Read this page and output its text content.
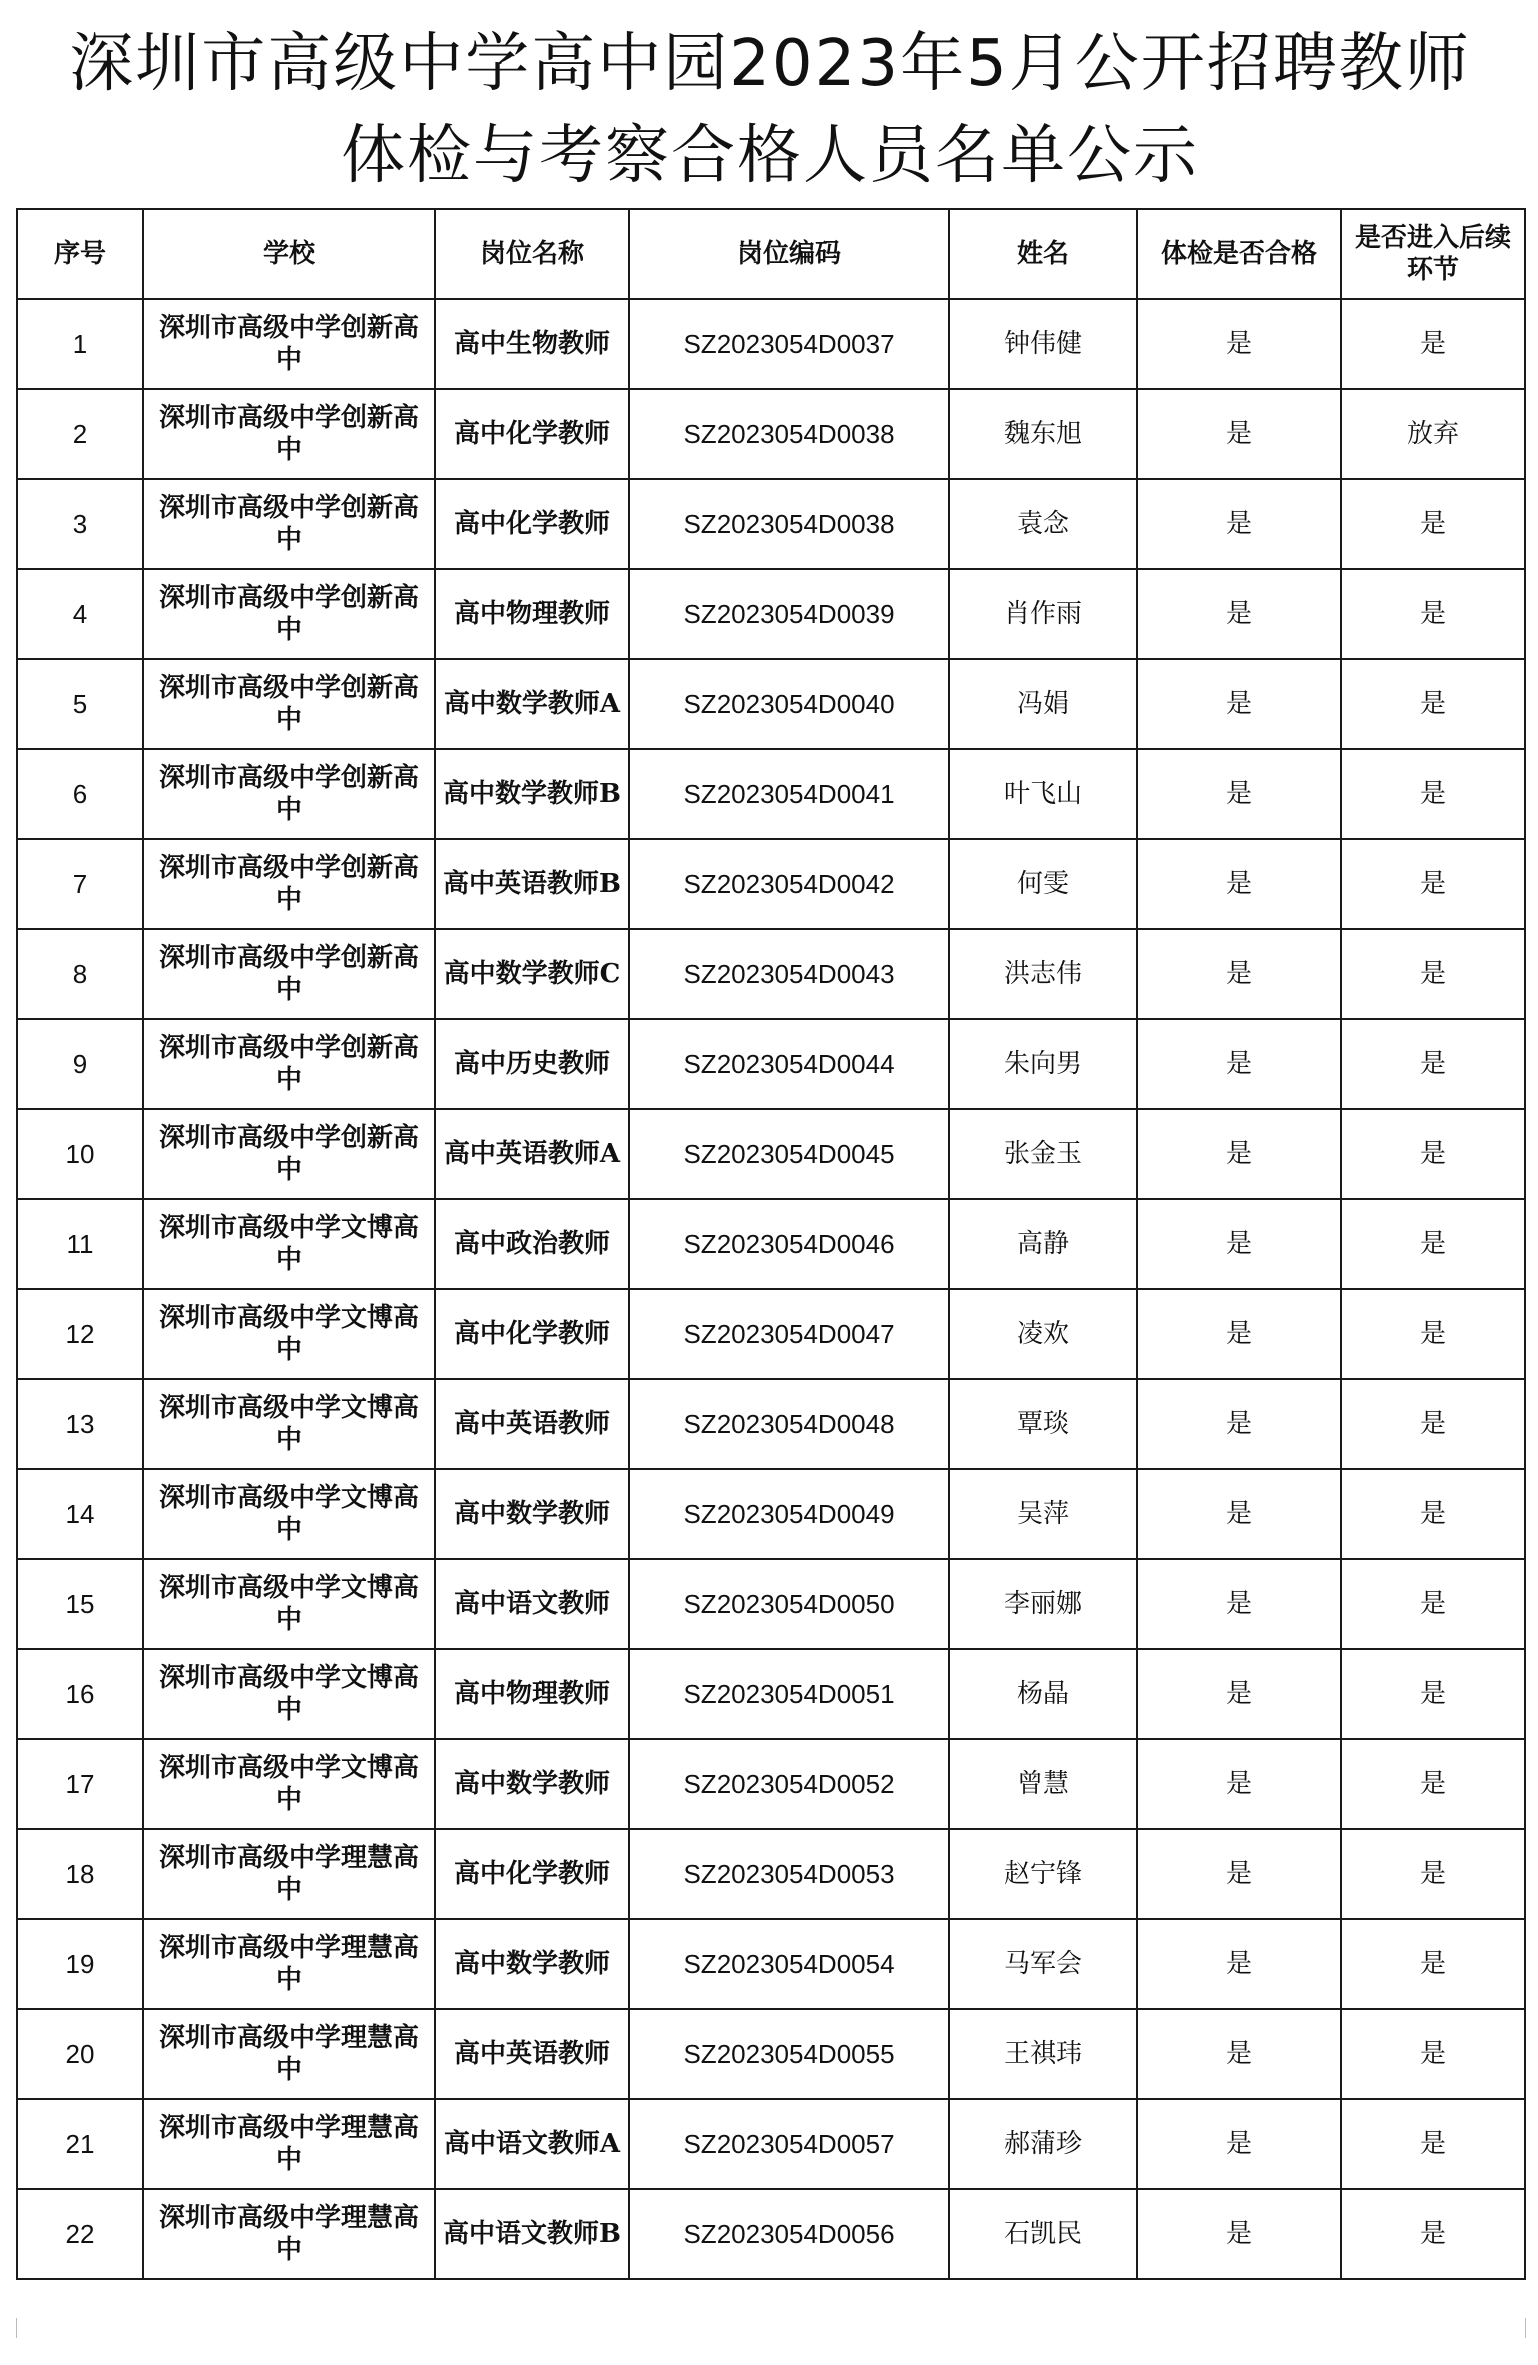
深圳市高级中学高中园2023年5月公开招聘教师
体检与考察合格人员名单公示
序号	学校	岗位名称	岗位编码	姓名	体检是否合格	是否进入后续环节
1	深圳市高级中学创新高中	高中生物教师	SZ2023054D0037	钟伟健	是	是
2	深圳市高级中学创新高中	高中化学教师	SZ2023054D0038	魏东旭	是	放弃
3	深圳市高级中学创新高中	高中化学教师	SZ2023054D0038	袁念	是	是
4	深圳市高级中学创新高中	高中物理教师	SZ2023054D0039	肖作雨	是	是
5	深圳市高级中学创新高中	高中数学教师A	SZ2023054D0040	冯娟	是	是
6	深圳市高级中学创新高中	高中数学教师B	SZ2023054D0041	叶飞山	是	是
7	深圳市高级中学创新高中	高中英语教师B	SZ2023054D0042	何雯	是	是
8	深圳市高级中学创新高中	高中数学教师C	SZ2023054D0043	洪志伟	是	是
9	深圳市高级中学创新高中	高中历史教师	SZ2023054D0044	朱向男	是	是
10	深圳市高级中学创新高中	高中英语教师A	SZ2023054D0045	张金玉	是	是
11	深圳市高级中学文博高中	高中政治教师	SZ2023054D0046	高静	是	是
12	深圳市高级中学文博高中	高中化学教师	SZ2023054D0047	凌欢	是	是
13	深圳市高级中学文博高中	高中英语教师	SZ2023054D0048	覃琰	是	是
14	深圳市高级中学文博高中	高中数学教师	SZ2023054D0049	吴萍	是	是
15	深圳市高级中学文博高中	高中语文教师	SZ2023054D0050	李丽娜	是	是
16	深圳市高级中学文博高中	高中物理教师	SZ2023054D0051	杨晶	是	是
17	深圳市高级中学文博高中	高中数学教师	SZ2023054D0052	曾慧	是	是
18	深圳市高级中学理慧高中	高中化学教师	SZ2023054D0053	赵宁锋	是	是
19	深圳市高级中学理慧高中	高中数学教师	SZ2023054D0054	马军会	是	是
20	深圳市高级中学理慧高中	高中英语教师	SZ2023054D0055	王祺玮	是	是
21	深圳市高级中学理慧高中	高中语文教师A	SZ2023054D0057	郝蒲珍	是	是
22	深圳市高级中学理慧高中	高中语文教师B	SZ2023054D0056	石凯民	是	是
